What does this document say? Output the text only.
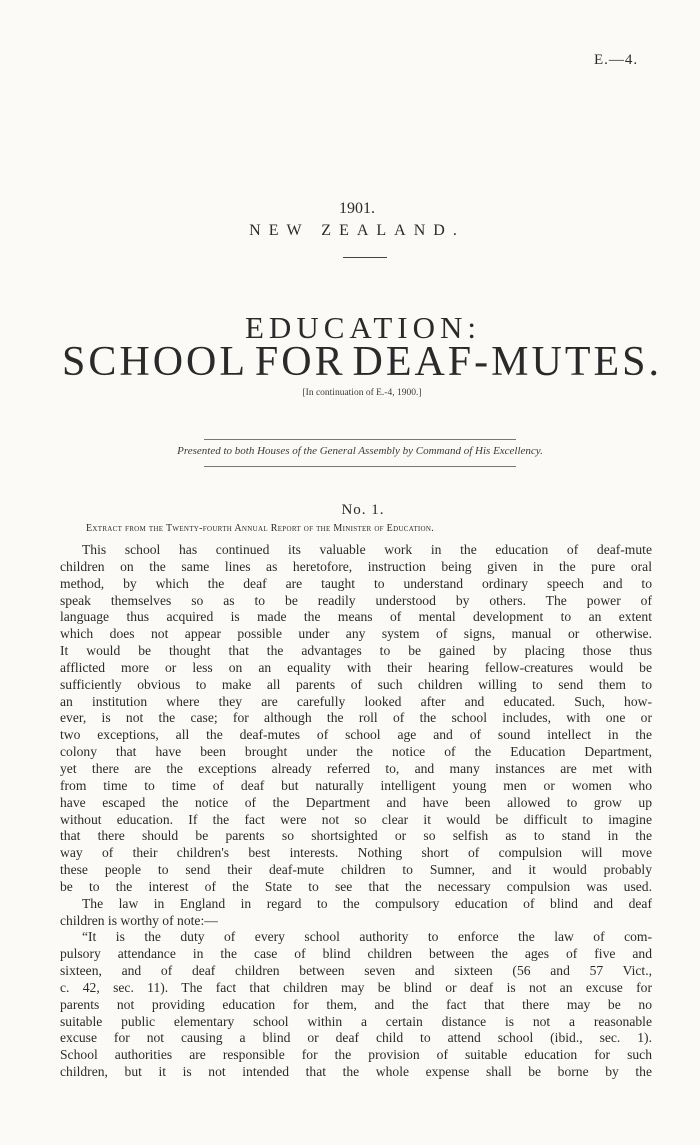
E.—4.
1901.
NEW ZEALAND.
EDUCATION:
SCHOOL FOR DEAF-MUTES.
[In continuation of E.-4, 1900.]
Presented to both Houses of the General Assembly by Command of His Excellency.
No. 1.
Extract from the Twenty-fourth Annual Report of the Minister of Education.
This school has continued its valuable work in the education of deaf-mute
children on the same lines as heretofore, instruction being given in the pure oral
method, by which the deaf are taught to understand ordinary speech and to
speak themselves so as to be readily understood by others. The power of
language thus acquired is made the means of mental development to an extent
which does not appear possible under any system of signs, manual or otherwise.
It would be thought that the advantages to be gained by placing those thus
afflicted more or less on an equality with their hearing fellow-creatures would be
sufficiently obvious to make all parents of such children willing to send them to
an institution where they are carefully looked after and educated. Such, how-
ever, is not the case; for although the roll of the school includes, with one or
two exceptions, all the deaf-mutes of school age and of sound intellect in the
colony that have been brought under the notice of the Education Department,
yet there are the exceptions already referred to, and many instances are met with
from time to time of deaf but naturally intelligent young men or women who
have escaped the notice of the Department and have been allowed to grow up
without education. If the fact were not so clear it would be difficult to imagine
that there should be parents so shortsighted or so selfish as to stand in the
way of their children's best interests. Nothing short of compulsion will move
these people to send their deaf-mute children to Sumner, and it would probably
be to the interest of the State to see that the necessary compulsion was used.
The law in England in regard to the compulsory education of blind and deaf
children is worthy of note:—
“It is the duty of every school authority to enforce the law of com-
pulsory attendance in the case of blind children between the ages of five and
sixteen, and of deaf children between seven and sixteen (56 and 57 Vict.,
c. 42, sec. 11). The fact that children may be blind or deaf is not an excuse for
parents not providing education for them, and the fact that there may be no
suitable public elementary school within a certain distance is not a reasonable
excuse for not causing a blind or deaf child to attend school (ibid., sec. 1).
School authorities are responsible for the provision of suitable education for such
children, but it is not intended that the whole expense shall be borne by the
